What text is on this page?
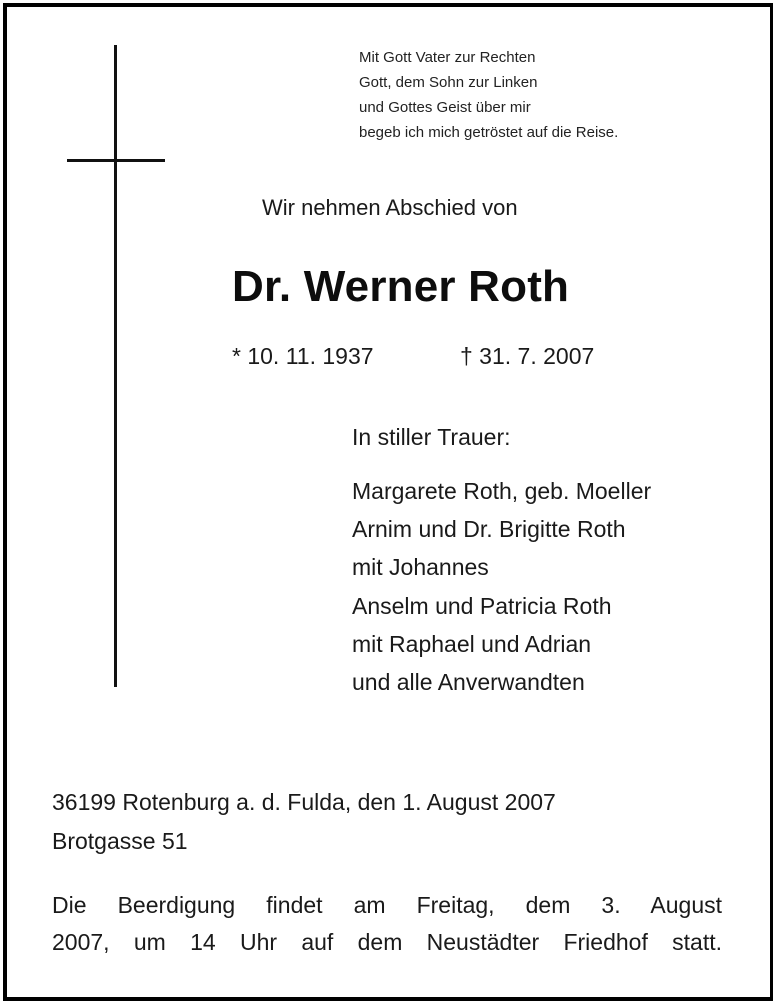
Mit Gott Vater zur Rechten
Gott, dem Sohn zur Linken
und Gottes Geist über mir
begeb ich mich getröstet auf die Reise.
Wir nehmen Abschied von
Dr. Werner Roth
* 10. 11. 1937	† 31. 7. 2007
In stiller Trauer:
Margarete Roth, geb. Moeller
Arnim und Dr. Brigitte Roth
mit Johannes
Anselm und Patricia Roth
mit Raphael und Adrian
und alle Anverwandten
36199 Rotenburg a. d. Fulda, den 1. August 2007
Brotgasse 51
Die Beerdigung findet am Freitag, dem 3. August
2007, um 14 Uhr auf dem Neustädter Friedhof statt.
